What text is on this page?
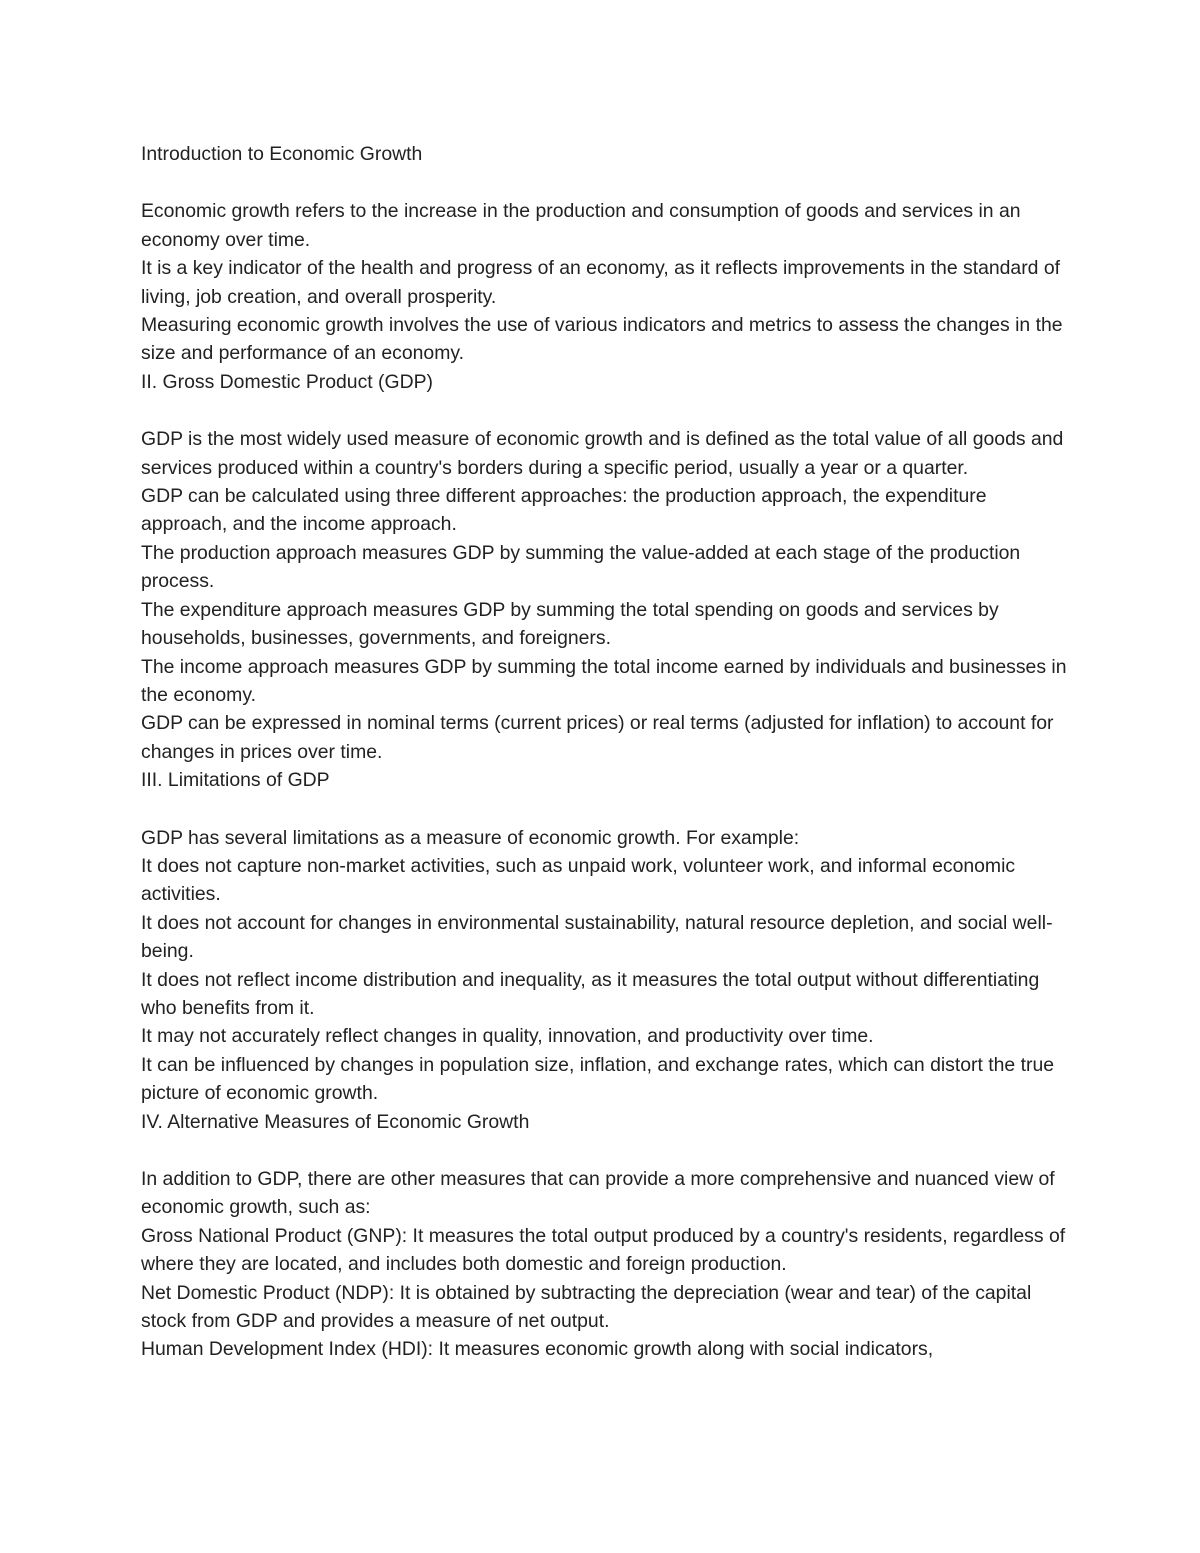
Introduction to Economic Growth

Economic growth refers to the increase in the production and consumption of goods and services in an economy over time.

It is a key indicator of the health and progress of an economy, as it reflects improvements in the standard of living, job creation, and overall prosperity.

Measuring economic growth involves the use of various indicators and metrics to assess the changes in the size and performance of an economy.

II. Gross Domestic Product (GDP)

GDP is the most widely used measure of economic growth and is defined as the total value of all goods and services produced within a country's borders during a specific period, usually a year or a quarter.

GDP can be calculated using three different approaches: the production approach, the expenditure approach, and the income approach.

The production approach measures GDP by summing the value-added at each stage of the production process.

The expenditure approach measures GDP by summing the total spending on goods and services by households, businesses, governments, and foreigners.

The income approach measures GDP by summing the total income earned by individuals and businesses in the economy.

GDP can be expressed in nominal terms (current prices) or real terms (adjusted for inflation) to account for changes in prices over time.

III. Limitations of GDP

GDP has several limitations as a measure of economic growth. For example:

It does not capture non-market activities, such as unpaid work, volunteer work, and informal economic activities.

It does not account for changes in environmental sustainability, natural resource depletion, and social well-being.

It does not reflect income distribution and inequality, as it measures the total output without differentiating who benefits from it.

It may not accurately reflect changes in quality, innovation, and productivity over time.

It can be influenced by changes in population size, inflation, and exchange rates, which can distort the true picture of economic growth.

IV. Alternative Measures of Economic Growth

In addition to GDP, there are other measures that can provide a more comprehensive and nuanced view of economic growth, such as:

Gross National Product (GNP): It measures the total output produced by a country's residents, regardless of where they are located, and includes both domestic and foreign production.

Net Domestic Product (NDP): It is obtained by subtracting the depreciation (wear and tear) of the capital stock from GDP and provides a measure of net output.

Human Development Index (HDI): It measures economic growth along with social indicators,
